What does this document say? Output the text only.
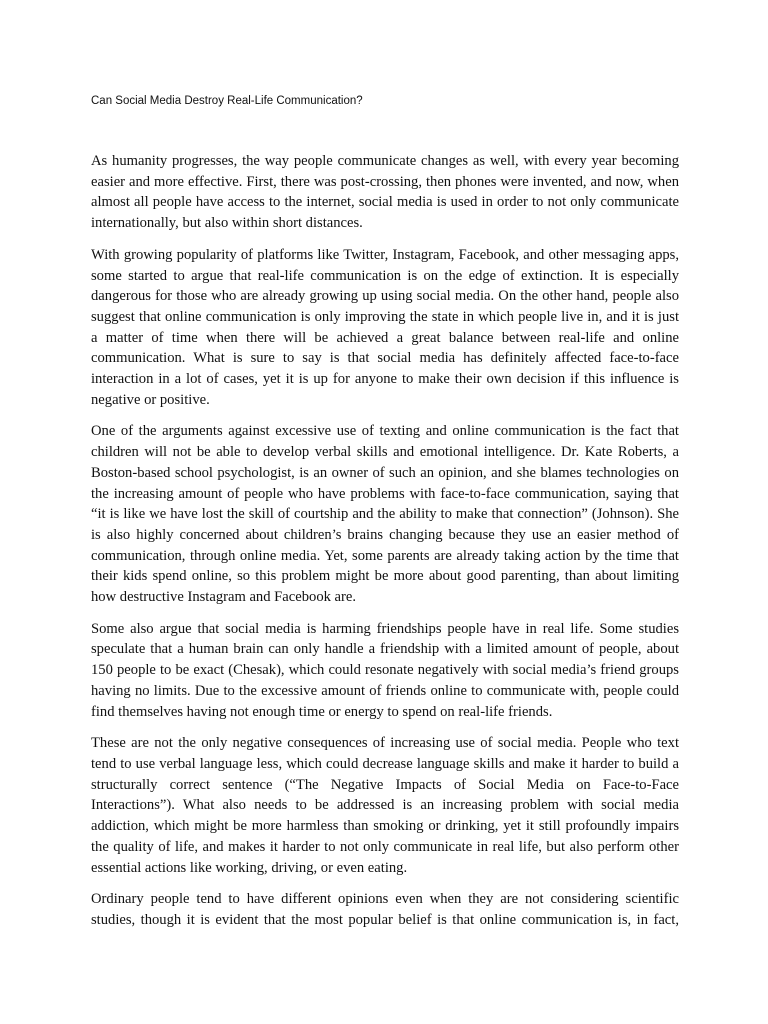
Can Social Media Destroy Real-Life Communication?

As humanity progresses, the way people communicate changes as well, with every year becoming easier and more effective. First, there was post-crossing, then phones were invented, and now, when almost all people have access to the internet, social media is used in order to not only communicate internationally, but also within short distances.

With growing popularity of platforms like Twitter, Instagram, Facebook, and other messaging apps, some started to argue that real-life communication is on the edge of extinction. It is especially dangerous for those who are already growing up using social media. On the other hand, people also suggest that online communication is only improving the state in which people live in, and it is just a matter of time when there will be achieved a great balance between real-life and online communication. What is sure to say is that social media has definitely affected face-to-face interaction in a lot of cases, yet it is up for anyone to make their own decision if this influence is negative or positive.

One of the arguments against excessive use of texting and online communication is the fact that children will not be able to develop verbal skills and emotional intelligence. Dr. Kate Roberts, a Boston-based school psychologist, is an owner of such an opinion, and she blames technologies on the increasing amount of people who have problems with face-to-face communication, saying that “it is like we have lost the skill of courtship and the ability to make that connection” (Johnson). She is also highly concerned about children’s brains changing because they use an easier method of communication, through online media. Yet, some parents are already taking action by the time that their kids spend online, so this problem might be more about good parenting, than about limiting how destructive Instagram and Facebook are.

Some also argue that social media is harming friendships people have in real life. Some studies speculate that a human brain can only handle a friendship with a limited amount of people, about 150 people to be exact (Chesak), which could resonate negatively with social media’s friend groups having no limits. Due to the excessive amount of friends online to communicate with, people could find themselves having not enough time or energy to spend on real-life friends.

These are not the only negative consequences of increasing use of social media. People who text tend to use verbal language less, which could decrease language skills and make it harder to build a structurally correct sentence (“The Negative Impacts of Social Media on Face-to-Face Interactions”). What also needs to be addressed is an increasing problem with social media addiction, which might be more harmless than smoking or drinking, yet it still profoundly impairs the quality of life, and makes it harder to not only communicate in real life, but also perform other essential actions like working, driving, or even eating.

Ordinary people tend to have different opinions even when they are not considering scientific studies, though it is evident that the most popular belief is that online communication is, in fact,
